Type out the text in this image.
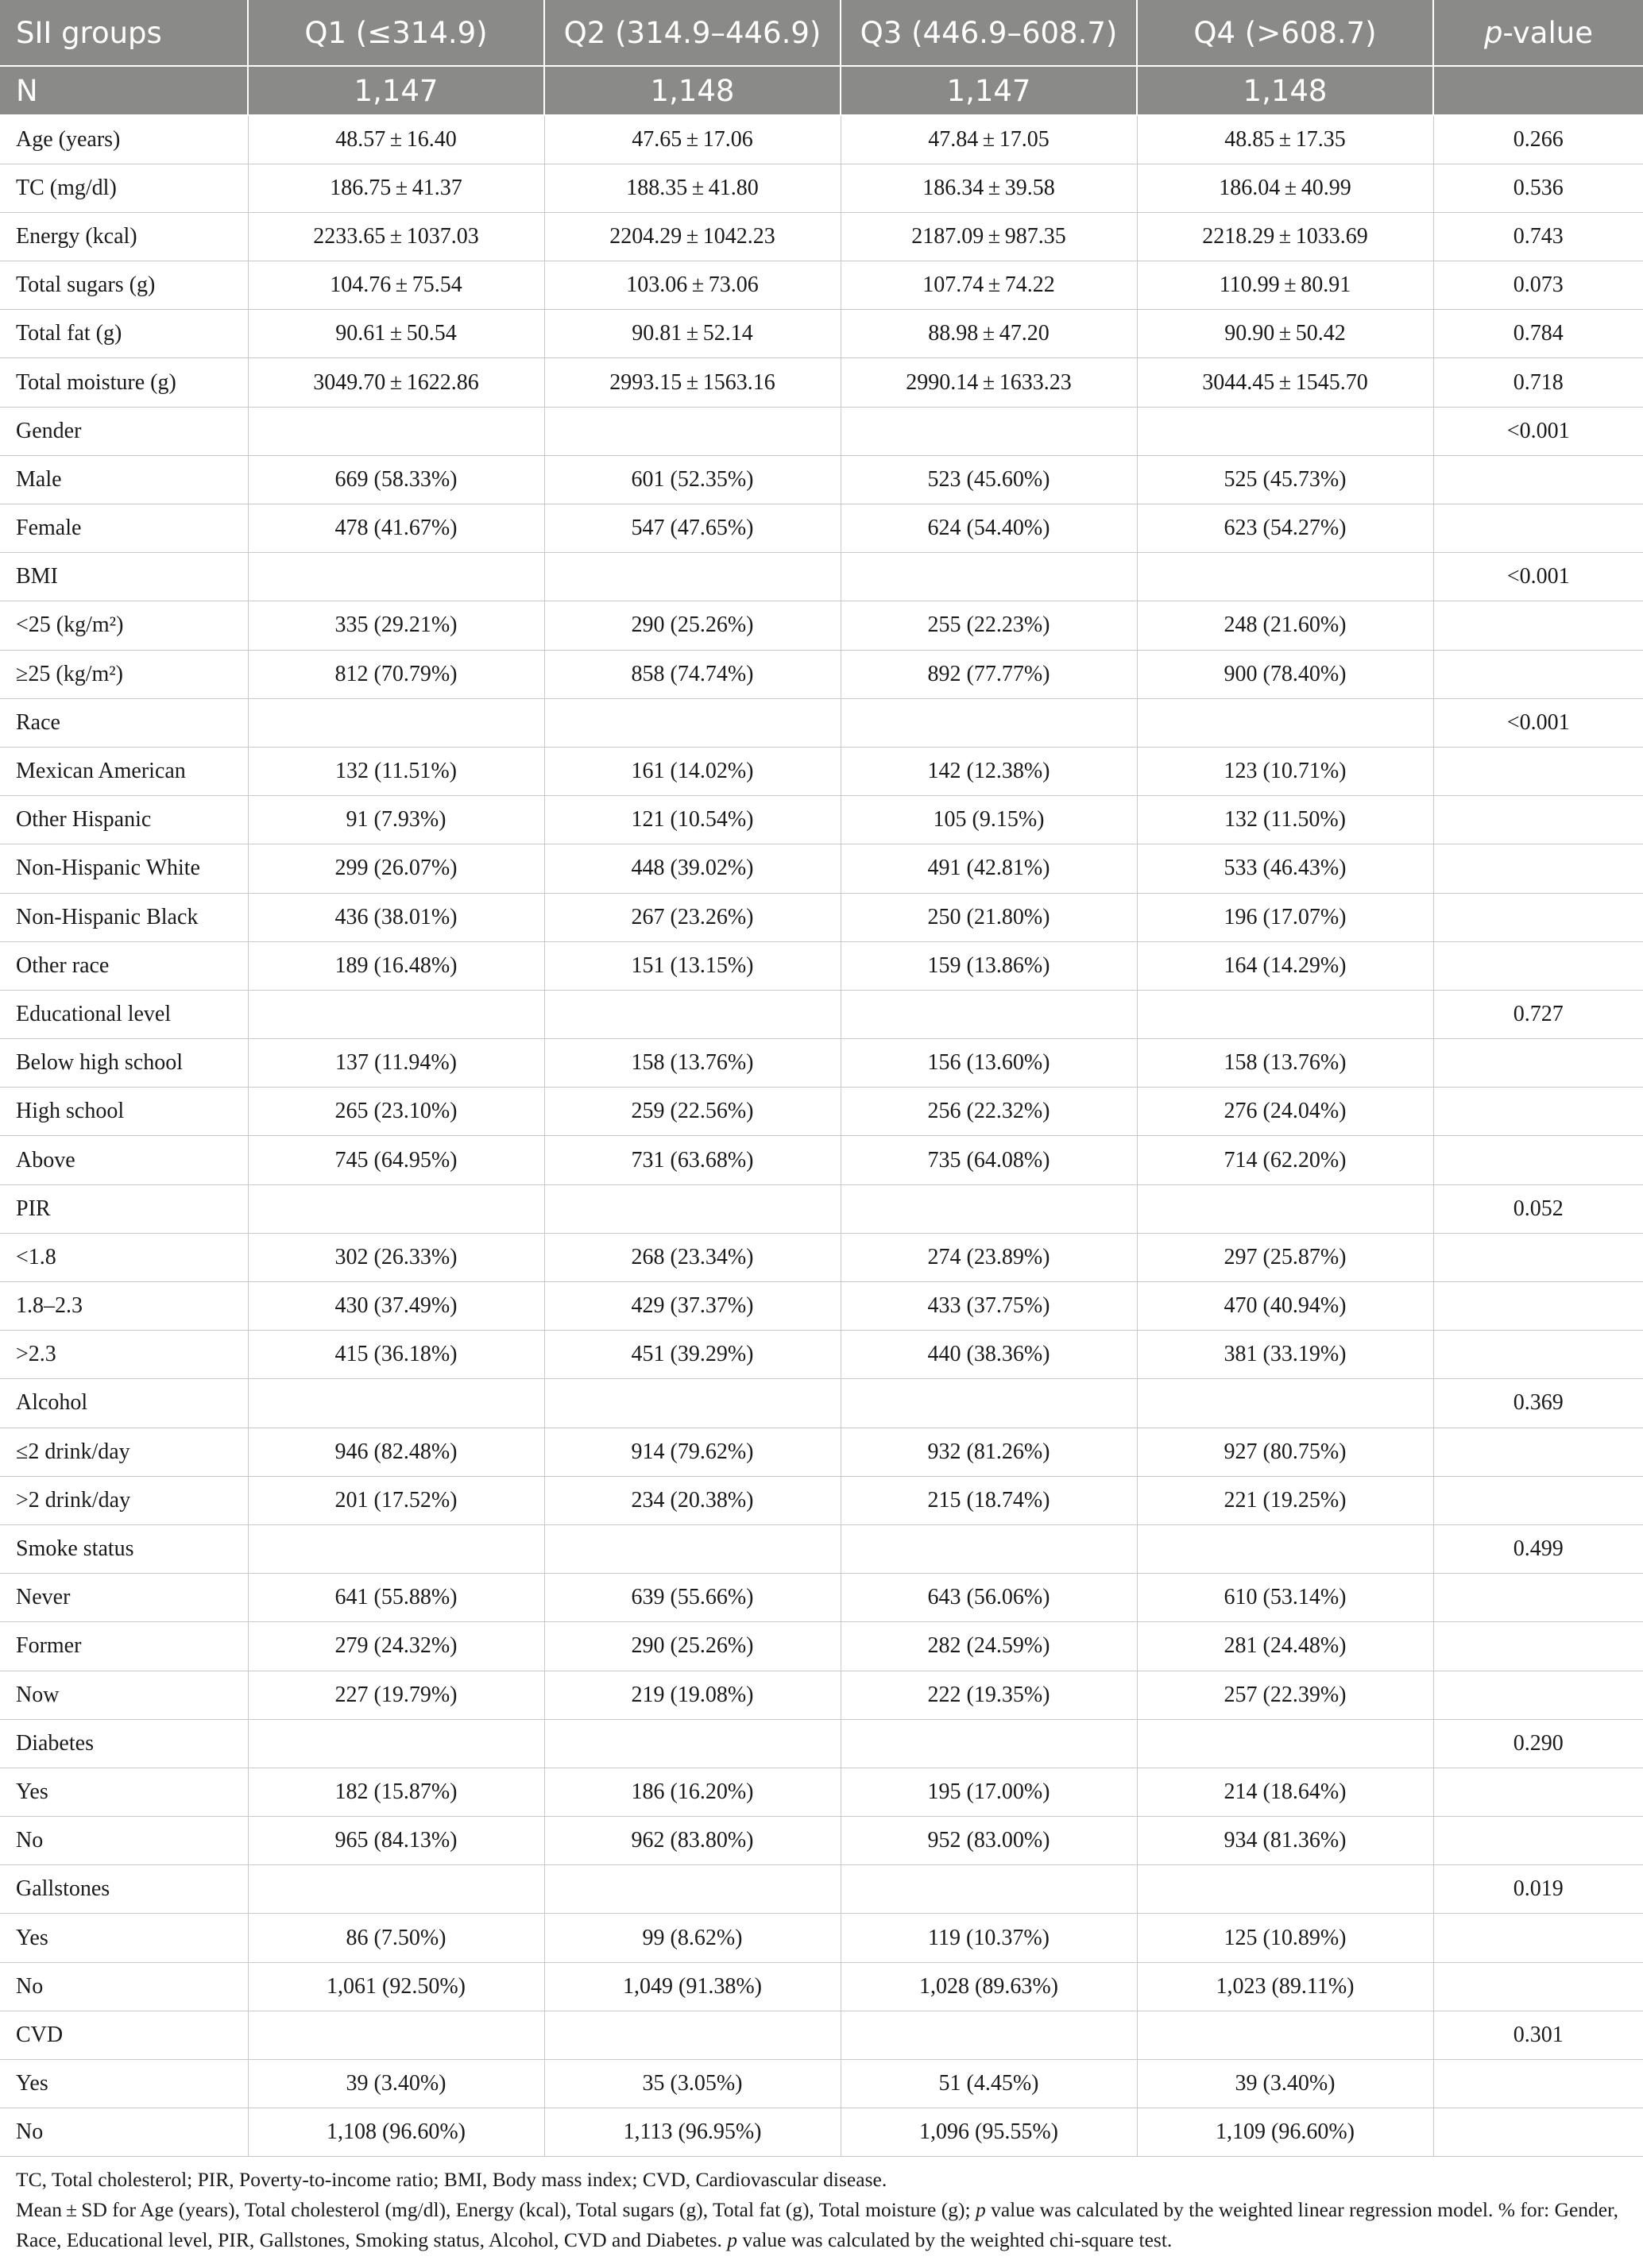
SII groups	Q1 (≤314.9)	Q2 (314.9–446.9)	Q3 (446.9–608.7)	Q4 (>608.7)	p-value
N	1,147	1,148	1,147	1,148	
Age (years)	48.57 ± 16.40	47.65 ± 17.06	47.84 ± 17.05	48.85 ± 17.35	0.266
TC (mg/dl)	186.75 ± 41.37	188.35 ± 41.80	186.34 ± 39.58	186.04 ± 40.99	0.536
Energy (kcal)	2233.65 ± 1037.03	2204.29 ± 1042.23	2187.09 ± 987.35	2218.29 ± 1033.69	0.743
Total sugars (g)	104.76 ± 75.54	103.06 ± 73.06	107.74 ± 74.22	110.99 ± 80.91	0.073
Total fat (g)	90.61 ± 50.54	90.81 ± 52.14	88.98 ± 47.20	90.90 ± 50.42	0.784
Total moisture (g)	3049.70 ± 1622.86	2993.15 ± 1563.16	2990.14 ± 1633.23	3044.45 ± 1545.70	0.718
Gender					<0.001
Male	669 (58.33%)	601 (52.35%)	523 (45.60%)	525 (45.73%)	
Female	478 (41.67%)	547 (47.65%)	624 (54.40%)	623 (54.27%)	
BMI					<0.001
<25 (kg/m²)	335 (29.21%)	290 (25.26%)	255 (22.23%)	248 (21.60%)	
≥25 (kg/m²)	812 (70.79%)	858 (74.74%)	892 (77.77%)	900 (78.40%)	
Race					<0.001
Mexican American	132 (11.51%)	161 (14.02%)	142 (12.38%)	123 (10.71%)	
Other Hispanic	91 (7.93%)	121 (10.54%)	105 (9.15%)	132 (11.50%)	
Non-Hispanic White	299 (26.07%)	448 (39.02%)	491 (42.81%)	533 (46.43%)	
Non-Hispanic Black	436 (38.01%)	267 (23.26%)	250 (21.80%)	196 (17.07%)	
Other race	189 (16.48%)	151 (13.15%)	159 (13.86%)	164 (14.29%)	
Educational level					0.727
Below high school	137 (11.94%)	158 (13.76%)	156 (13.60%)	158 (13.76%)	
High school	265 (23.10%)	259 (22.56%)	256 (22.32%)	276 (24.04%)	
Above	745 (64.95%)	731 (63.68%)	735 (64.08%)	714 (62.20%)	
PIR					0.052
<1.8	302 (26.33%)	268 (23.34%)	274 (23.89%)	297 (25.87%)	
1.8–2.3	430 (37.49%)	429 (37.37%)	433 (37.75%)	470 (40.94%)	
>2.3	415 (36.18%)	451 (39.29%)	440 (38.36%)	381 (33.19%)	
Alcohol					0.369
≤2 drink/day	946 (82.48%)	914 (79.62%)	932 (81.26%)	927 (80.75%)	
>2 drink/day	201 (17.52%)	234 (20.38%)	215 (18.74%)	221 (19.25%)	
Smoke status					0.499
Never	641 (55.88%)	639 (55.66%)	643 (56.06%)	610 (53.14%)	
Former	279 (24.32%)	290 (25.26%)	282 (24.59%)	281 (24.48%)	
Now	227 (19.79%)	219 (19.08%)	222 (19.35%)	257 (22.39%)	
Diabetes					0.290
Yes	182 (15.87%)	186 (16.20%)	195 (17.00%)	214 (18.64%)	
No	965 (84.13%)	962 (83.80%)	952 (83.00%)	934 (81.36%)	
Gallstones					0.019
Yes	86 (7.50%)	99 (8.62%)	119 (10.37%)	125 (10.89%)	
No	1,061 (92.50%)	1,049 (91.38%)	1,028 (89.63%)	1,023 (89.11%)	
CVD					0.301
Yes	39 (3.40%)	35 (3.05%)	51 (4.45%)	39 (3.40%)	
No	1,108 (96.60%)	1,113 (96.95%)	1,096 (95.55%)	1,109 (96.60%)	

TC, Total cholesterol; PIR, Poverty-to-income ratio; BMI, Body mass index; CVD, Cardiovascular disease.

Mean ± SD for Age (years), Total cholesterol (mg/dl), Energy (kcal), Total sugars (g), Total fat (g), Total moisture (g); p value was calculated by the weighted linear regression model. % for: Gender, Race, Educational level, PIR, Gallstones, Smoking status, Alcohol, CVD and Diabetes. p value was calculated by the weighted chi-square test.
